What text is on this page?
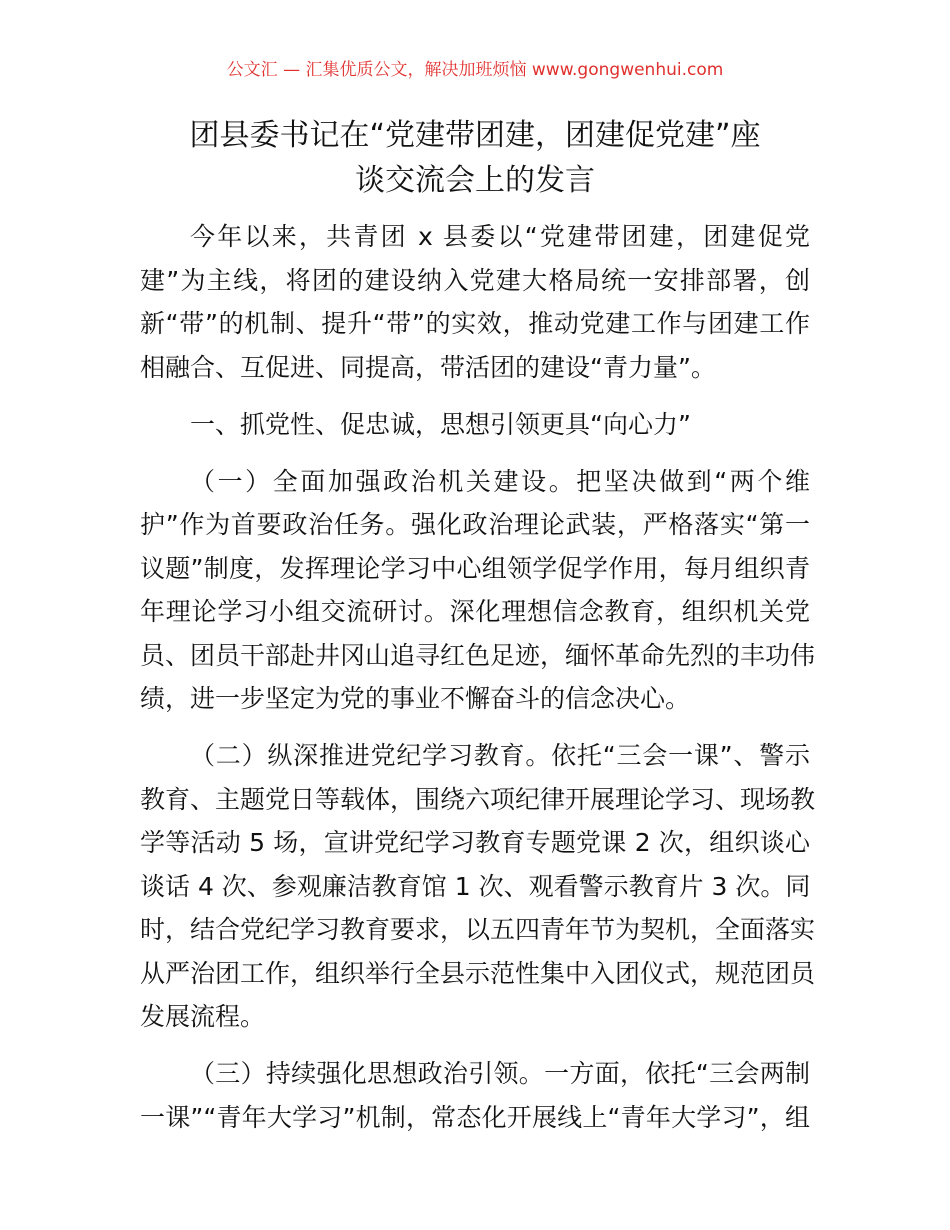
公文汇 — 汇集优质公文，解决加班烦恼 www.gongwenhui.com
团县委书记在“党建带团建，团建促党建”座
谈交流会上的发言
今年以来，共青团 x 县委以“党建带团建，团建促党
建”为主线，将团的建设纳入党建大格局统一安排部署，创
新“带”的机制、提升“带”的实效，推动党建工作与团建工作
相融合、互促进、同提高，带活团的建设“青力量”。
一、抓党性、促忠诚，思想引领更具“向心力”
（一）全面加强政治机关建设。把坚决做到“两个维
护”作为首要政治任务。强化政治理论武装，严格落实“第一
议题”制度，发挥理论学习中心组领学促学作用，每月组织青
年理论学习小组交流研讨。深化理想信念教育，组织机关党
员、团员干部赴井冈山追寻红色足迹，缅怀革命先烈的丰功伟
绩，进一步坚定为党的事业不懈奋斗的信念决心。
（二）纵深推进党纪学习教育。依托“三会一课”、警示
教育、主题党日等载体，围绕六项纪律开展理论学习、现场教
学等活动 5 场，宣讲党纪学习教育专题党课 2 次，组织谈心
谈话 4 次、参观廉洁教育馆 1 次、观看警示教育片 3 次。同
时，结合党纪学习教育要求，以五四青年节为契机，全面落实
从严治团工作，组织举行全县示范性集中入团仪式，规范团员
发展流程。
（三）持续强化思想政治引领。一方面，依托“三会两制
一课”“青年大学习”机制，常态化开展线上“青年大学习”，组
